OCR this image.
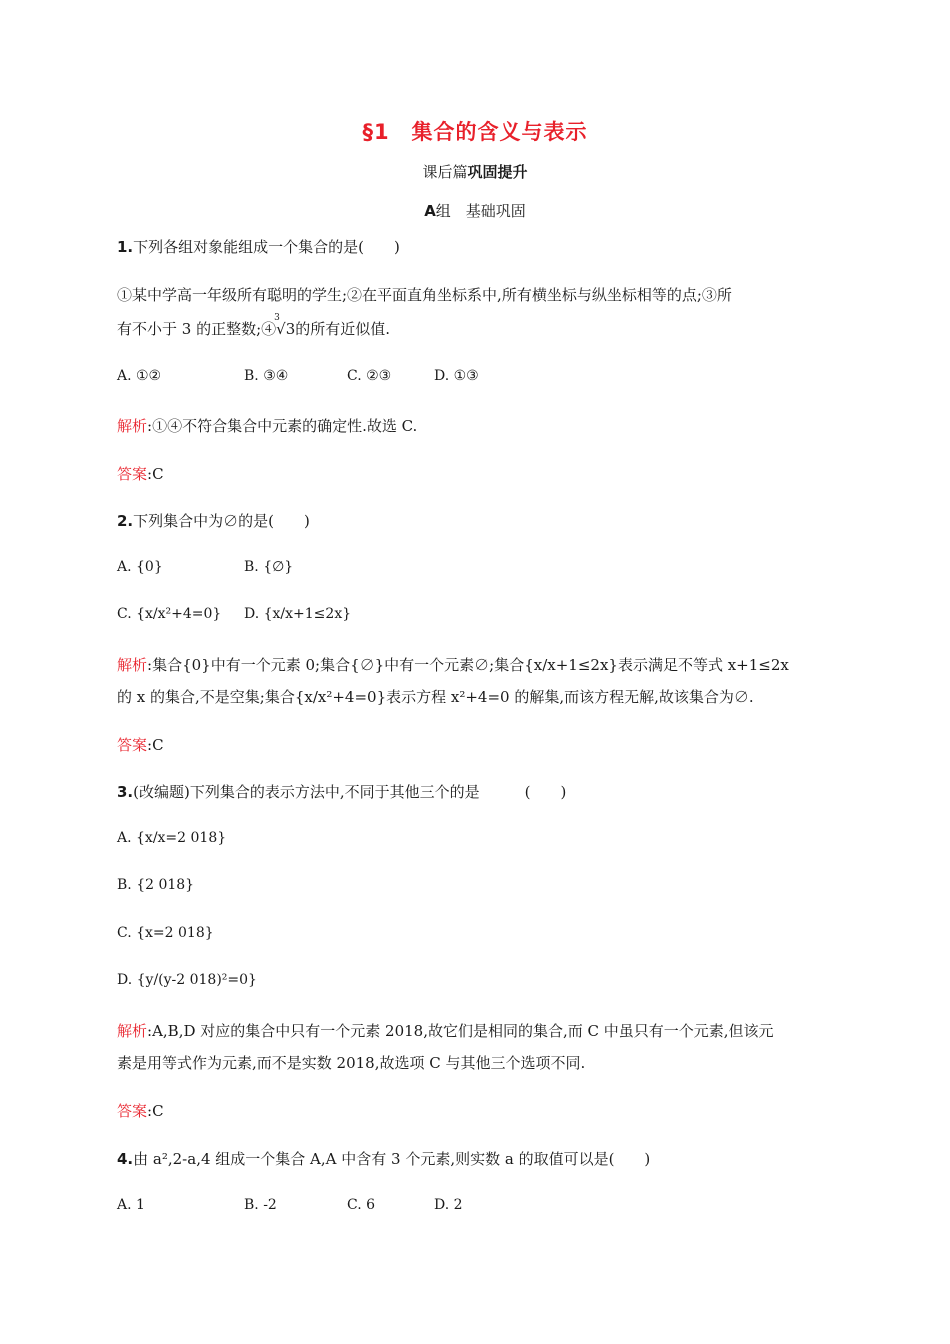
§1　集合的含义与表示
课后篇巩固提升
A组　基础巩固
1.下列各组对象能组成一个集合的是(　　)
①某中学高一年级所有聪明的学生;②在平面直角坐标系中,所有横坐标与纵坐标相等的点;③所
有不小于 3 的正整数;④
3
√3的所有近似值.
A. ①②	B. ③④	C. ②③	D. ①③
解析:①④不符合集合中元素的确定性.故选 C.
答案:C
2.下列集合中为∅的是(　　)
A. {0}	B. {∅}
C. {x/x²+4=0} D. {x/x+1≤2x}
解析:集合{0}中有一个元素 0;集合{∅}中有一个元素∅;集合{x/x+1≤2x}表示满足不等式 x+1≤2x
的 x 的集合,不是空集;集合{x/x²+4=0}表示方程 x²+4=0 的解集,而该方程无解,故该集合为∅.
答案:C
3.(改编题)下列集合的表示方法中,不同于其他三个的是　　　(　　)
A. {x/x=2 018}
B. {2 018}
C. {x=2 018}
D. {y/(y-2 018)²=0}
解析:A,B,D 对应的集合中只有一个元素 2018,故它们是相同的集合,而 C 中虽只有一个元素,但该元
素是用等式作为元素,而不是实数 2018,故选项 C 与其他三个选项不同.
答案:C
4.由 a²,2-a,4 组成一个集合 A,A 中含有 3 个元素,则实数 a 的取值可以是(　　)
A. 1	B. -2	C. 6	D. 2
